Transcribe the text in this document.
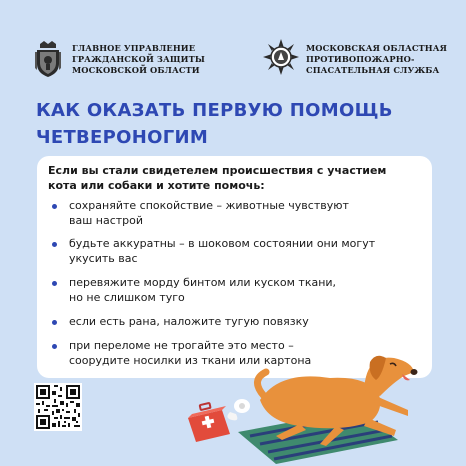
ГЛАВНОЕ УПРАВЛЕНИЕ
ГРАЖДАНСКОЙ ЗАЩИТЫ
МОСКОВСКОЙ ОБЛАСТИ
МОСКОВСКАЯ ОБЛАСТНАЯ
ПРОТИВОПОЖАРНО-
СПАСАТЕЛЬНАЯ СЛУЖБА
КАК ОКАЗАТЬ ПЕРВУЮ ПОМОЩЬ
ЧЕТВЕРОНОГИМ
Если вы стали свидетелем происшествия с участием
кота или собаки и хотите помочь:
сохраняйте спокойствие – животные чувствуют
ваш настрой
будьте аккуратны – в шоковом состоянии они могут
укусить вас
перевяжите морду бинтом или куском ткани,
но не слишком туго
если есть рана, наложите тугую повязку
при переломе не трогайте это место –
соорудите носилки из ткани или картона
